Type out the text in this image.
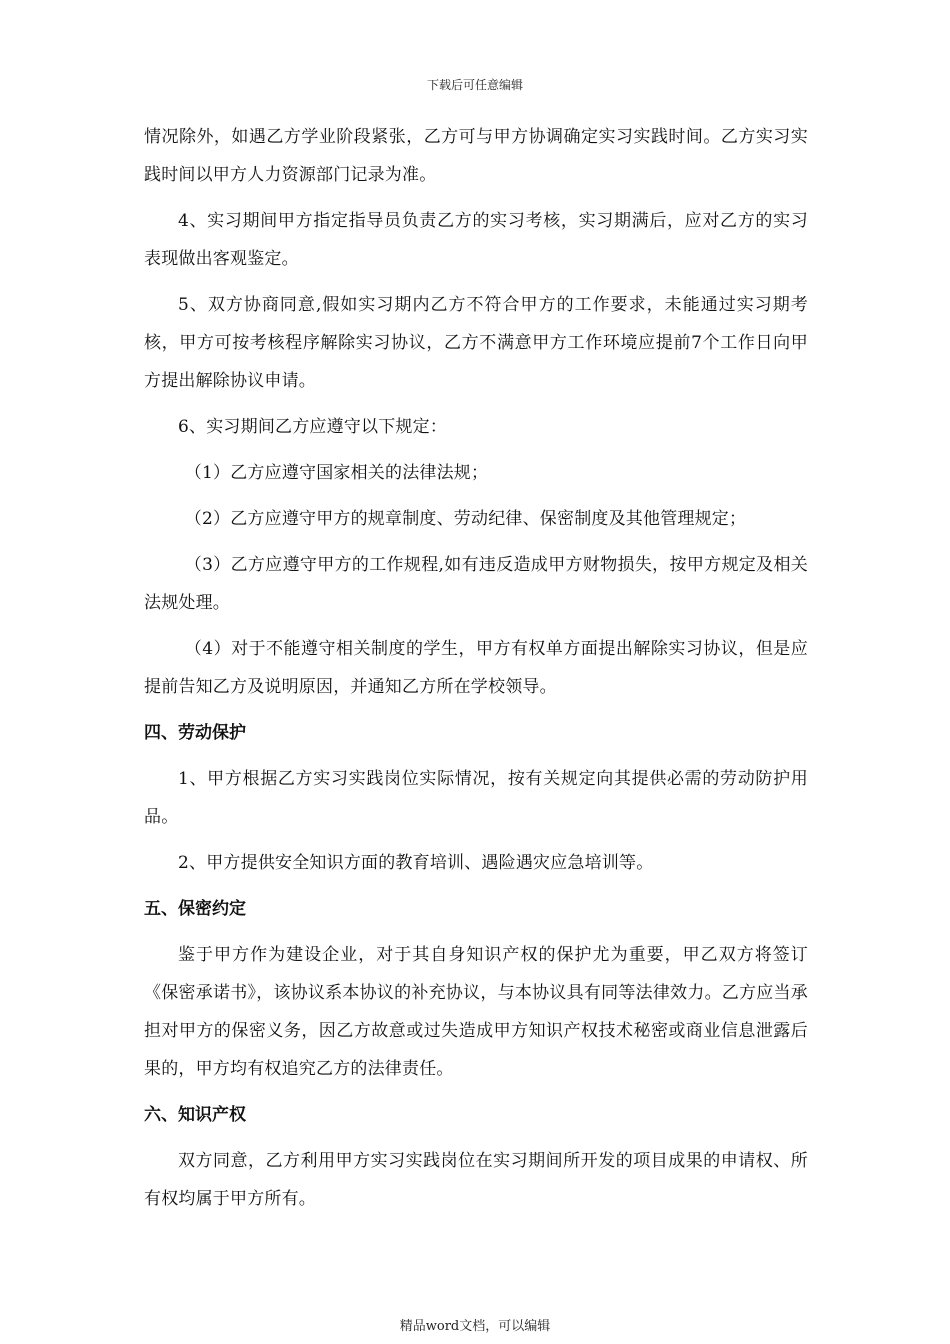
下载后可任意编辑

情况除外，如遇乙方学业阶段紧张，乙方可与甲方协调确定实习实践时间。乙方实习实践时间以甲方人力资源部门记录为准。

4、实习期间甲方指定指导员负责乙方的实习考核，实习期满后，应对乙方的实习表现做出客观鉴定。

5、双方协商同意,假如实习期内乙方不符合甲方的工作要求，未能通过实习期考核，甲方可按考核程序解除实习协议，乙方不满意甲方工作环境应提前7个工作日向甲方提出解除协议申请。

6、实习期间乙方应遵守以下规定：

（1）乙方应遵守国家相关的法律法规；

（2）乙方应遵守甲方的规章制度、劳动纪律、保密制度及其他管理规定；

（3）乙方应遵守甲方的工作规程,如有违反造成甲方财物损失，按甲方规定及相关法规处理。

（4）对于不能遵守相关制度的学生，甲方有权单方面提出解除实习协议，但是应提前告知乙方及说明原因，并通知乙方所在学校领导。

四、劳动保护

1、甲方根据乙方实习实践岗位实际情况，按有关规定向其提供必需的劳动防护用品。

2、甲方提供安全知识方面的教育培训、遇险遇灾应急培训等。

五、保密约定

鉴于甲方作为建设企业，对于其自身知识产权的保护尤为重要，甲乙双方将签订《保密承诺书》，该协议系本协议的补充协议，与本协议具有同等法律效力。乙方应当承担对甲方的保密义务，因乙方故意或过失造成甲方知识产权技术秘密或商业信息泄露后果的，甲方均有权追究乙方的法律责任。

六、知识产权

双方同意，乙方利用甲方实习实践岗位在实习期间所开发的项目成果的申请权、所有权均属于甲方所有。

精品word文档，可以编辑
